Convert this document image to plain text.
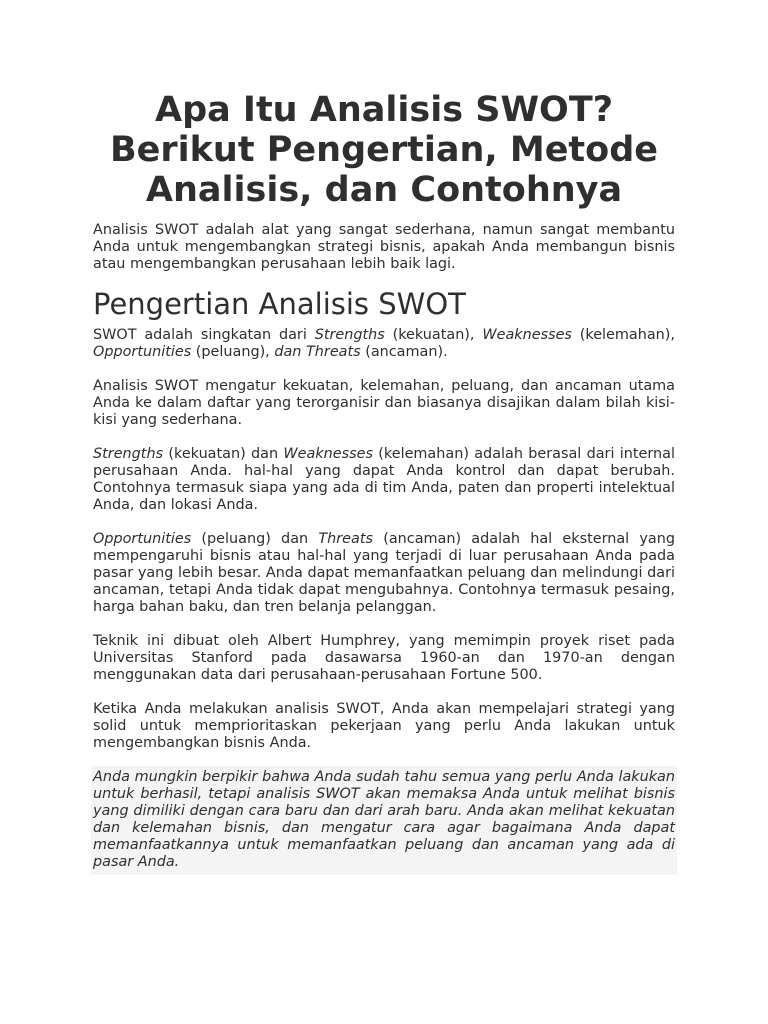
Apa Itu Analisis SWOT? Berikut Pengertian, Metode Analisis, dan Contohnya

Analisis SWOT adalah alat yang sangat sederhana, namun sangat membantu Anda untuk mengembangkan strategi bisnis, apakah Anda membangun bisnis atau mengembangkan perusahaan lebih baik lagi.

Pengertian Analisis SWOT

SWOT adalah singkatan dari Strengths (kekuatan), Weaknesses (kelemahan), Opportunities (peluang), dan Threats (ancaman).

Analisis SWOT mengatur kekuatan, kelemahan, peluang, dan ancaman utama Anda ke dalam daftar yang terorganisir dan biasanya disajikan dalam bilah kisi-kisi yang sederhana.

Strengths (kekuatan) dan Weaknesses (kelemahan) adalah berasal dari internal perusahaan Anda. hal-hal yang dapat Anda kontrol dan dapat berubah. Contohnya termasuk siapa yang ada di tim Anda, paten dan properti intelektual Anda, dan lokasi Anda.

Opportunities (peluang) dan Threats (ancaman) adalah hal eksternal yang mempengaruhi bisnis atau hal-hal yang terjadi di luar perusahaan Anda pada pasar yang lebih besar. Anda dapat memanfaatkan peluang dan melindungi dari ancaman, tetapi Anda tidak dapat mengubahnya. Contohnya termasuk pesaing, harga bahan baku, dan tren belanja pelanggan.

Teknik ini dibuat oleh Albert Humphrey, yang memimpin proyek riset pada Universitas Stanford pada dasawarsa 1960-an dan 1970-an dengan menggunakan data dari perusahaan-perusahaan Fortune 500.

Ketika Anda melakukan analisis SWOT, Anda akan mempelajari strategi yang solid untuk memprioritaskan pekerjaan yang perlu Anda lakukan untuk mengembangkan bisnis Anda.

Anda mungkin berpikir bahwa Anda sudah tahu semua yang perlu Anda lakukan untuk berhasil, tetapi analisis SWOT akan memaksa Anda untuk melihat bisnis yang dimiliki dengan cara baru dan dari arah baru. Anda akan melihat kekuatan dan kelemahan bisnis, dan mengatur cara agar bagaimana Anda dapat memanfaatkannya untuk memanfaatkan peluang dan ancaman yang ada di pasar Anda.
